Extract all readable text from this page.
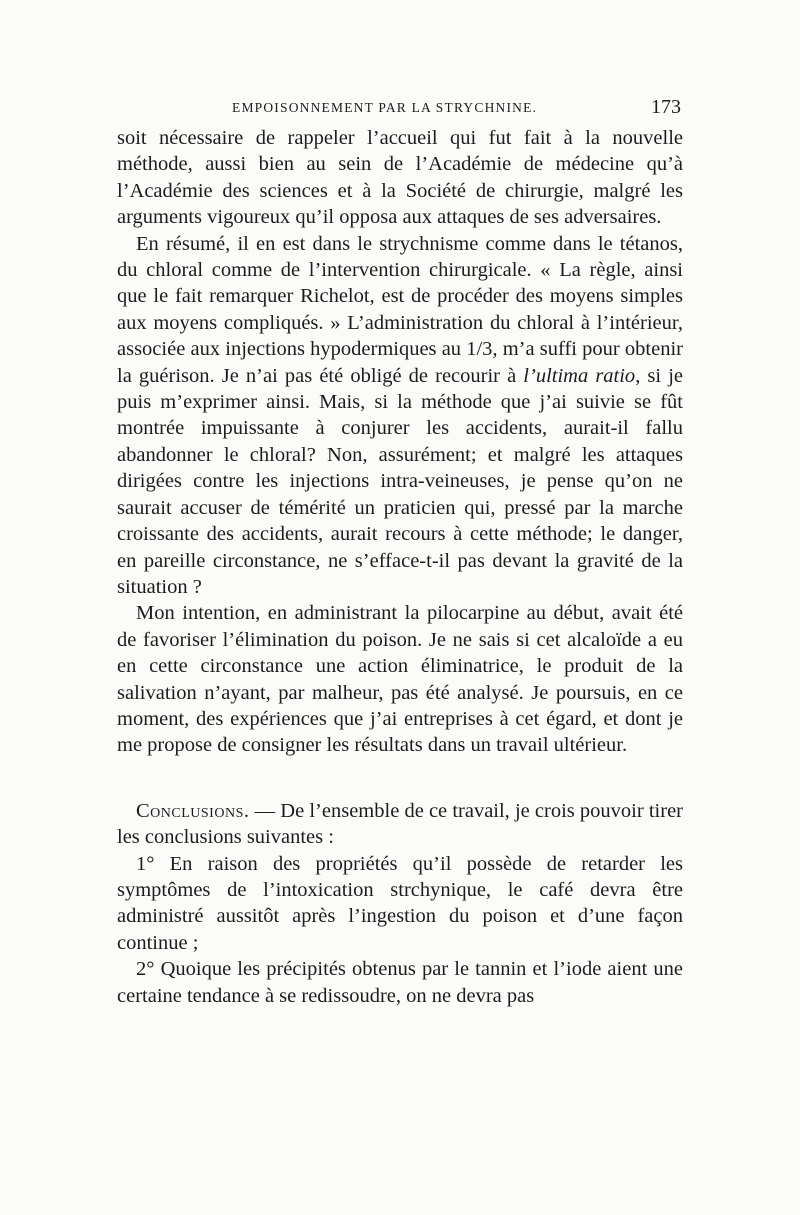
EMPOISONNEMENT PAR LA STRYCHNINE.	173

soit nécessaire de rappeler l’accueil qui fut fait à la nouvelle méthode, aussi bien au sein de l’Académie de médecine qu’à l’Académie des sciences et à la Société de chirurgie, malgré les arguments vigoureux qu’il opposa aux attaques de ses adversaires.

En résumé, il en est dans le strychnisme comme dans le tétanos, du chloral comme de l’intervention chirurgicale. « La règle, ainsi que le fait remarquer Richelot, est de procéder des moyens simples aux moyens compliqués. » L’administration du chloral à l’intérieur, associée aux injections hypodermiques au 1/3, m’a suffi pour obtenir la guérison. Je n’ai pas été obligé de recourir à l’ultima ratio, si je puis m’exprimer ainsi. Mais, si la méthode que j’ai suivie se fût montrée impuissante à conjurer les accidents, aurait-il fallu abandonner le chloral? Non, assurément; et malgré les attaques dirigées contre les injections intra-veineuses, je pense qu’on ne saurait accuser de témérité un praticien qui, pressé par la marche croissante des accidents, aurait recours à cette méthode; le danger, en pareille circonstance, ne s’efface-t-il pas devant la gravité de la situation ?

Mon intention, en administrant la pilocarpine au début, avait été de favoriser l’élimination du poison. Je ne sais si cet alcaloïde a eu en cette circonstance une action éliminatrice, le produit de la salivation n’ayant, par malheur, pas été analysé. Je poursuis, en ce moment, des expériences que j’ai entreprises à cet égard, et dont je me propose de consigner les résultats dans un travail ultérieur.

Conclusions. — De l’ensemble de ce travail, je crois pouvoir tirer les conclusions suivantes :

1° En raison des propriétés qu’il possède de retarder les symptômes de l’intoxication strchynique, le café devra être administré aussitôt après l’ingestion du poison et d’une façon continue ;

2° Quoique les précipités obtenus par le tannin et l’iode aient une certaine tendance à se redissoudre, on ne devra pas
